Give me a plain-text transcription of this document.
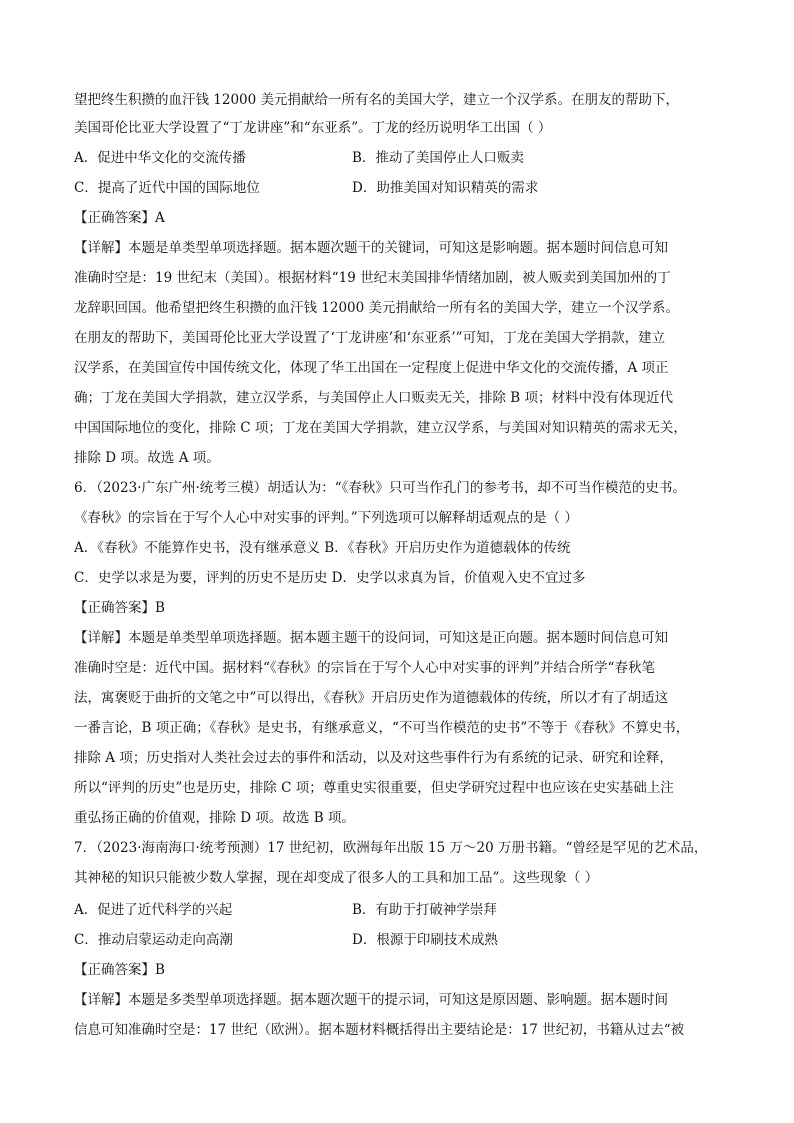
望把终生积攒的血汗钱 12000 美元捐献给一所有名的美国大学，建立一个汉学系。在朋友的帮助下，
美国哥伦比亚大学设置了“丁龙讲座”和“东亚系”。丁龙的经历说明华工出国（ ）
A．促进中华文化的交流传播	B．推动了美国停止人口贩卖
C．提高了近代中国的国际地位	D．助推美国对知识精英的需求
【正确答案】A
【详解】本题是单类型单项选择题。据本题次题干的关键词，可知这是影响题。据本题时间信息可知
准确时空是：19 世纪末（美国）。根据材料“19 世纪末美国排华情绪加剧，被人贩卖到美国加州的丁
龙辞职回国。他希望把终生积攒的血汗钱 12000 美元捐献给一所有名的美国大学，建立一个汉学系。
在朋友的帮助下，美国哥伦比亚大学设置了‘丁龙讲座’和‘东亚系’”可知，丁龙在美国大学捐款，建立
汉学系，在美国宣传中国传统文化，体现了华工出国在一定程度上促进中华文化的交流传播，A 项正
确；丁龙在美国大学捐款，建立汉学系，与美国停止人口贩卖无关，排除 B 项；材料中没有体现近代
中国国际地位的变化，排除 C 项；丁龙在美国大学捐款，建立汉学系，与美国对知识精英的需求无关，
排除 D 项。故选 A 项。
6．（2023·广东广州·统考三模）胡适认为：“《春秋》只可当作孔门的参考书，却不可当作模范的史书。
《春秋》的宗旨在于写个人心中对实事的评判。”下列选项可以解释胡适观点的是（ ）
A．《春秋》不能算作史书，没有继承意义 B．《春秋》开启历史作为道德载体的传统
C．史学以求是为要，评判的历史不是历史 D．史学以求真为旨，价值观入史不宜过多
【正确答案】B
【详解】本题是单类型单项选择题。据本题主题干的设问词，可知这是正向题。据本题时间信息可知
准确时空是：近代中国。据材料“《春秋》的宗旨在于写个人心中对实事的评判”并结合所学“春秋笔
法，寓褒贬于曲折的文笔之中”可以得出，《春秋》开启历史作为道德载体的传统，所以才有了胡适这
一番言论，B 项正确；《春秋》是史书，有继承意义，“不可当作模范的史书”不等于《春秋》不算史书，
排除 A 项；历史指对人类社会过去的事件和活动，以及对这些事件行为有系统的记录、研究和诠释，
所以“评判的历史”也是历史，排除 C 项；尊重史实很重要，但史学研究过程中也应该在史实基础上注
重弘扬正确的价值观，排除 D 项。故选 B 项。
7．（2023·海南海口·统考预测）17 世纪初，欧洲每年出版 15 万～20 万册书籍。“曾经是罕见的艺术品，
其神秘的知识只能被少数人掌握，现在却变成了很多人的工具和加工品”。这些现象（ ）
A．促进了近代科学的兴起	B．有助于打破神学崇拜
C．推动启蒙运动走向高潮	D．根源于印刷技术成熟
【正确答案】B
【详解】本题是多类型单项选择题。据本题次题干的提示词，可知这是原因题、影响题。据本题时间
信息可知准确时空是：17 世纪（欧洲）。据本题材料概括得出主要结论是：17 世纪初，书籍从过去“被
